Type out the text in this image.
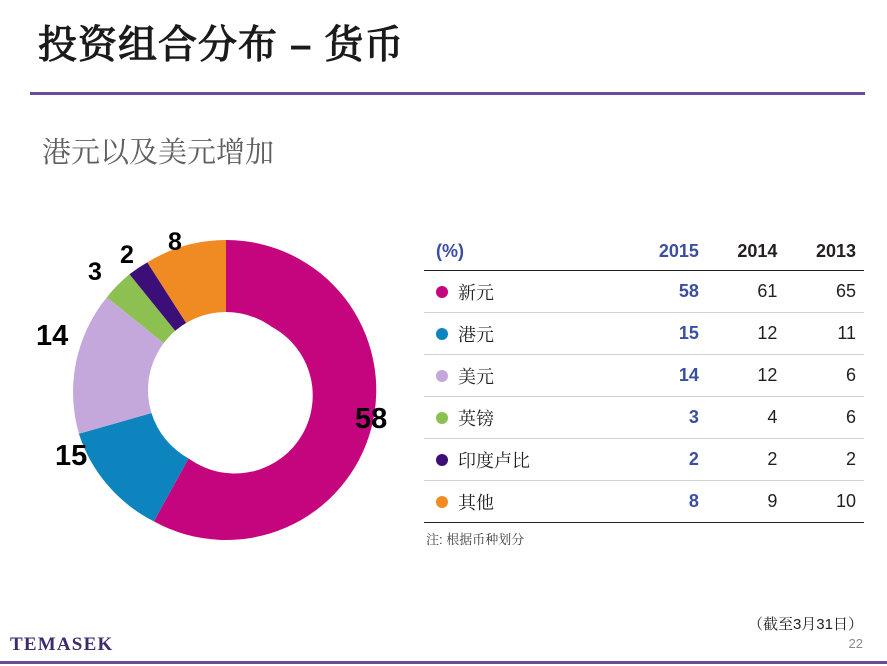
投资组合分布 – 货币
港元以及美元增加
58
15
14
3
2 8	(%)	2015	2014	2013

新元	58	61	65

港元	15	12	11

美元	14	12	6

英镑	3	4	6

印度卢比	2	2	2

其他	8	9	10
注: 根据币种划分
（截至3月31日）
22
TEMASEK
